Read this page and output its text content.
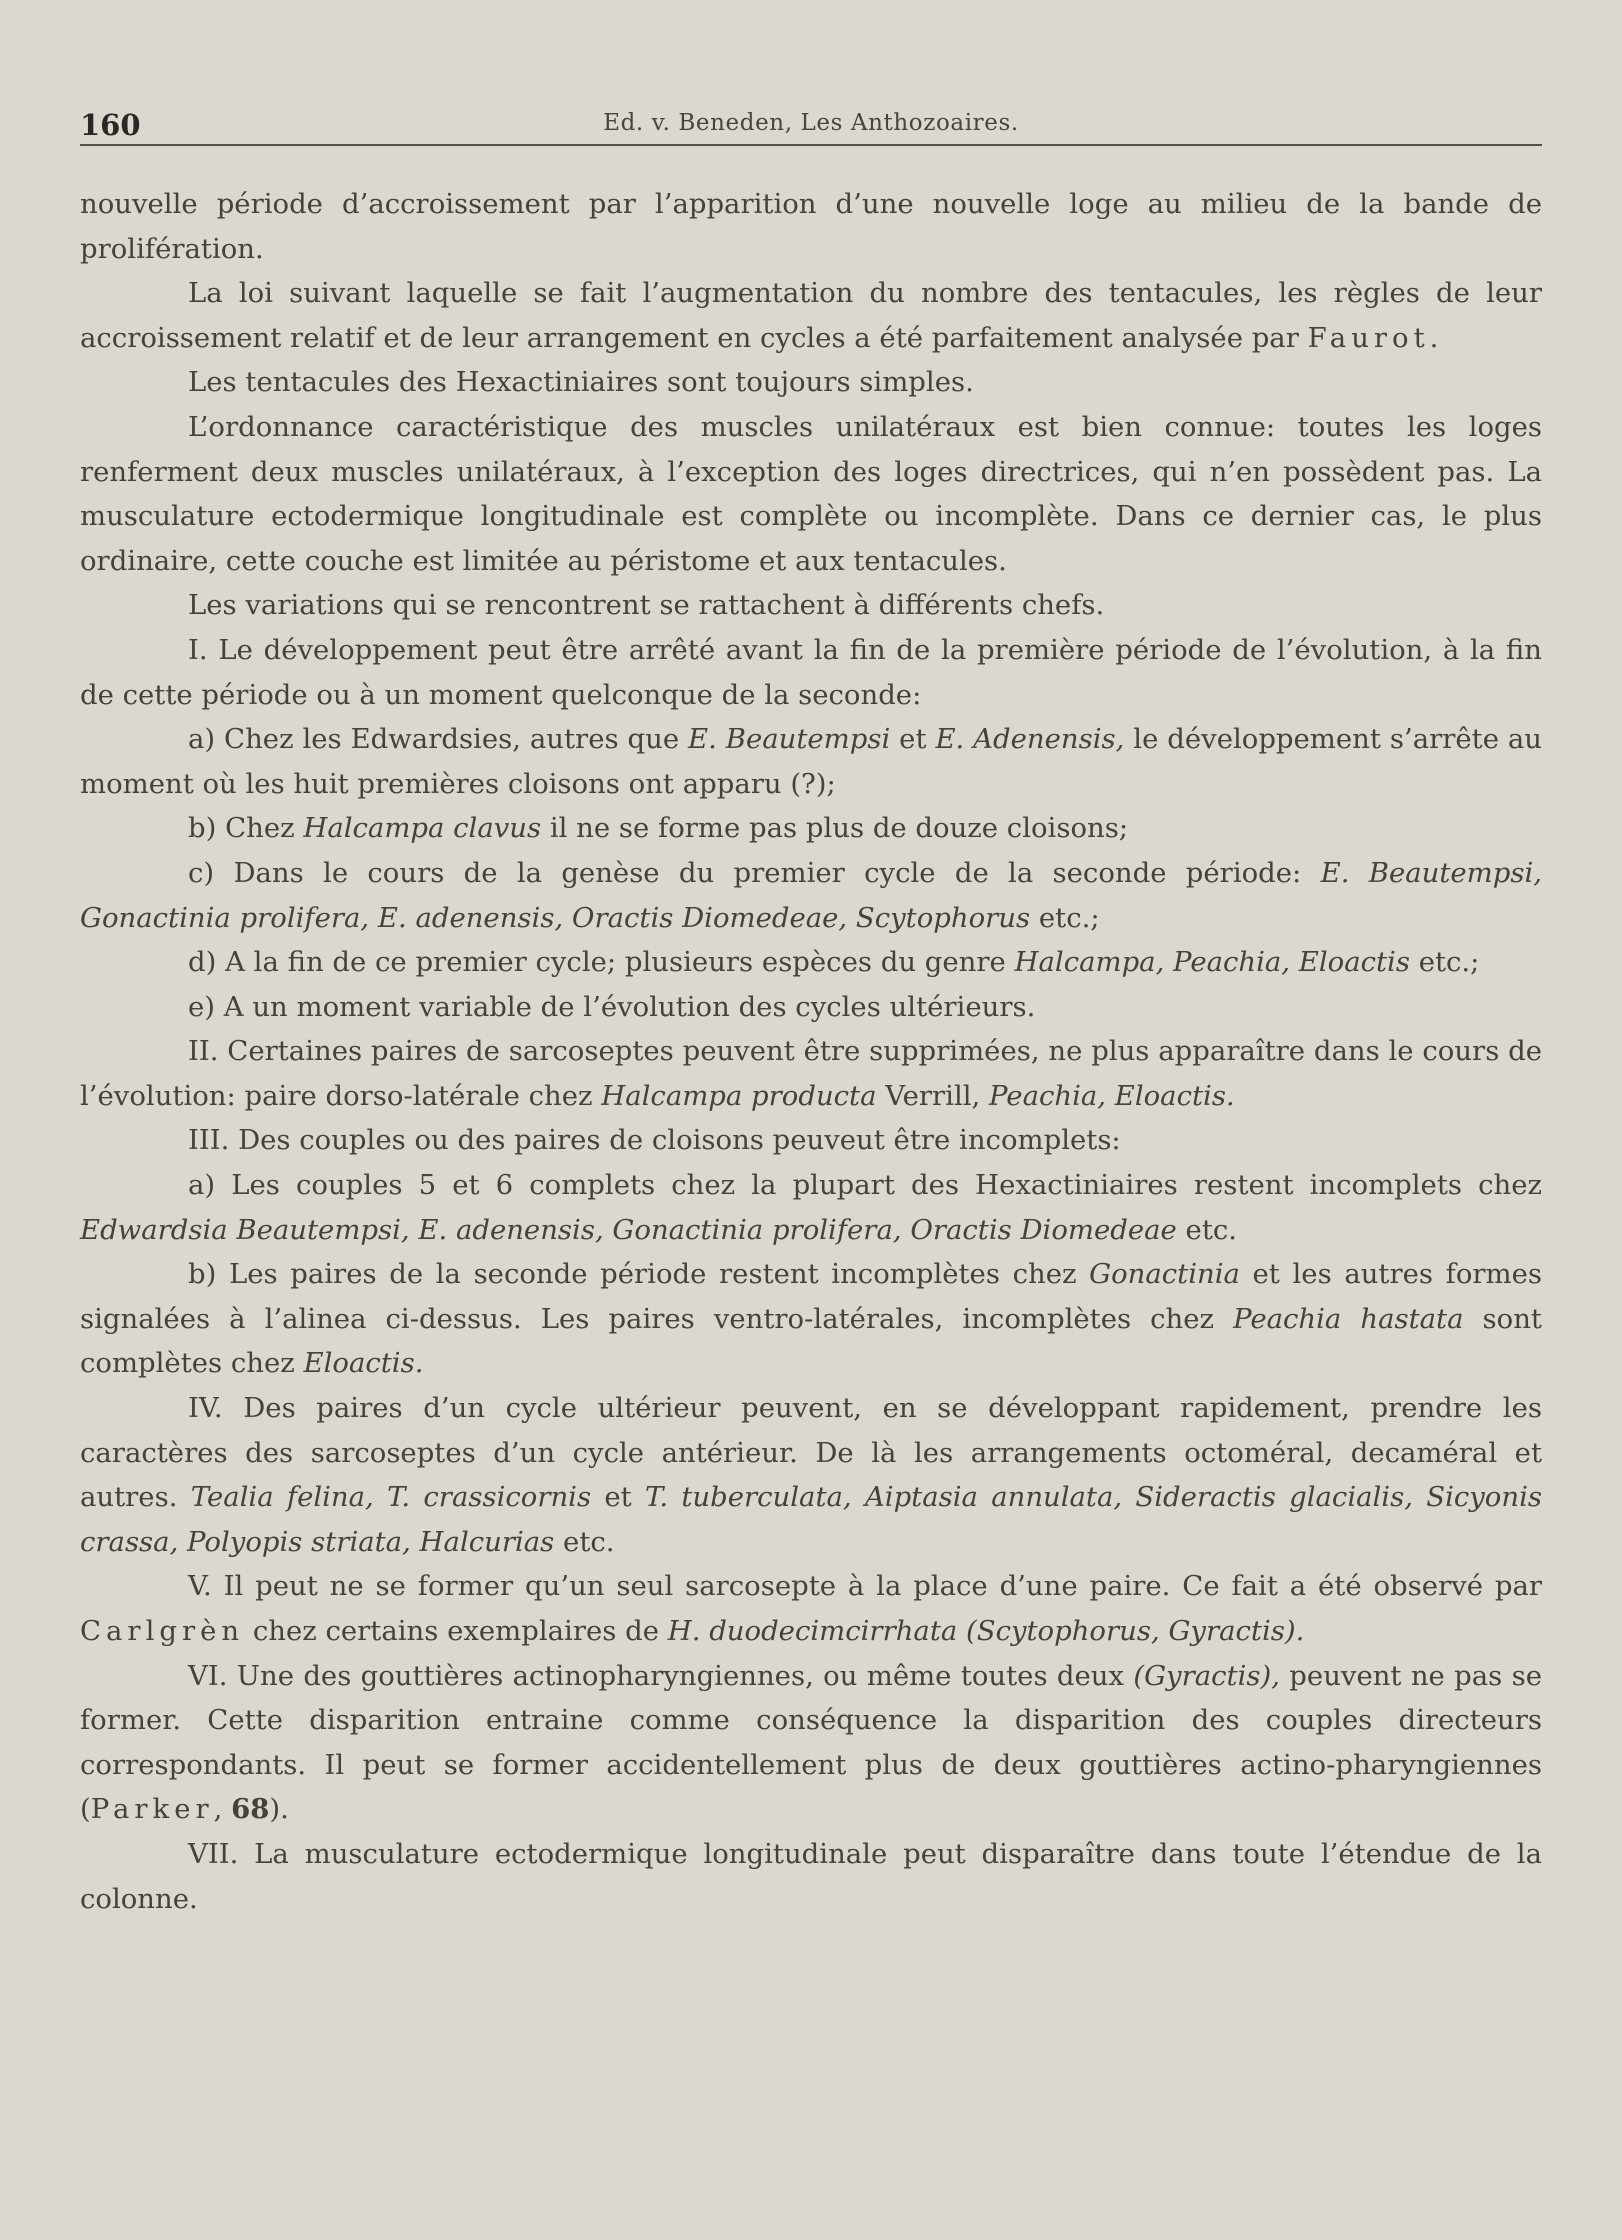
160	Ed. v. Beneden, Les Anthozoaires.

nouvelle période d’accroissement par l’apparition d’une nouvelle loge au milieu de la bande de prolifération.

La loi suivant laquelle se fait l’augmentation du nombre des tentacules, les règles de leur accroissement relatif et de leur arrangement en cycles a été parfaitement analysée par Faurot.

Les tentacules des Hexactiniaires sont toujours simples.

L’ordonnance caractéristique des muscles unilatéraux est bien connue: toutes les loges renferment deux muscles unilatéraux, à l’exception des loges directrices, qui n’en possèdent pas. La musculature ectodermique longitudinale est complète ou incomplète. Dans ce dernier cas, le plus ordinaire, cette couche est limitée au péristome et aux tentacules.

Les variations qui se rencontrent se rattachent à différents chefs.

I. Le développement peut être arrêté avant la fin de la première période de l’évolution, à la fin de cette période ou à un moment quelconque de la seconde:

a) Chez les Edwardsies, autres que E. Beautempsi et E. Adenensis, le développement s’arrête au moment où les huit premières cloisons ont apparu (?);

b) Chez Halcampa clavus il ne se forme pas plus de douze cloisons;

c) Dans le cours de la genèse du premier cycle de la seconde période: E. Beautempsi, Gonactinia prolifera, E. adenensis, Oractis Diomedeae, Scytophorus etc.;

d) A la fin de ce premier cycle; plusieurs espèces du genre Halcampa, Peachia, Eloactis etc.;

e) A un moment variable de l’évolution des cycles ultérieurs.

II. Certaines paires de sarcoseptes peuvent être supprimées, ne plus apparaître dans le cours de l’évolution: paire dorso-latérale chez Halcampa producta Verrill, Peachia, Eloactis.

III. Des couples ou des paires de cloisons peuveut être incomplets:

a) Les couples 5 et 6 complets chez la plupart des Hexactiniaires restent incomplets chez Edwardsia Beautempsi, E. adenensis, Gonactinia prolifera, Oractis Diomedeae etc.

b) Les paires de la seconde période restent incomplètes chez Gonactinia et les autres formes signalées à l’alinea ci-dessus. Les paires ventro-latérales, incomplètes chez Peachia hastata sont complètes chez Eloactis.

IV. Des paires d’un cycle ultérieur peuvent, en se développant rapidement, prendre les caractères des sarcoseptes d’un cycle antérieur. De là les arrangements octoméral, decaméral et autres. Tealia felina, T. crassicornis et T. tuberculata, Aiptasia annulata, Sideractis glacialis, Sicyonis crassa, Polyopis striata, Halcurias etc.

V. Il peut ne se former qu’un seul sarcosepte à la place d’une paire. Ce fait a été observé par Carlgrèn chez certains exemplaires de H. duodecimcirrhata (Scytophorus, Gyractis).

VI. Une des gouttières actinopharyngiennes, ou même toutes deux (Gyractis), peuvent ne pas se former. Cette disparition entraine comme conséquence la disparition des couples directeurs correspondants. Il peut se former accidentellement plus de deux gouttières actino-pharyngiennes (Parker, 68).

VII. La musculature ectodermique longitudinale peut disparaître dans toute l’étendue de la colonne.
